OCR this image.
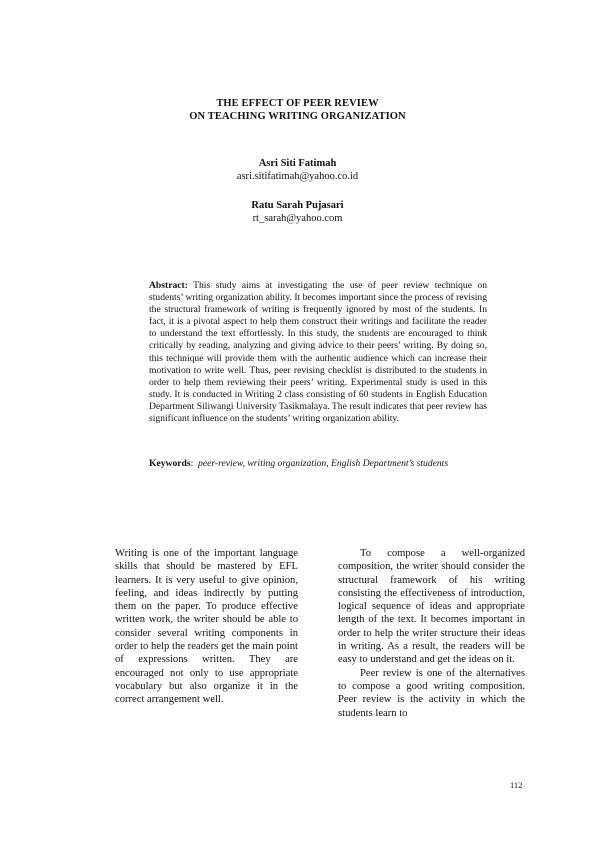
THE EFFECT OF PEER REVIEW
ON TEACHING WRITING ORGANIZATION
Asri Siti Fatimah
asri.sitifatimah@yahoo.co.id
Ratu Sarah Pujasari
rt_sarah@yahoo.com
Abstract: This study aims at investigating the use of peer review technique on students’ writing organization ability. It becomes important since the process of revising the structural framework of writing is frequently ignored by most of the students. In fact, it is a pivotal aspect to help them construct their writings and facilitate the reader to understand the text effortlessly. In this study, the students are encouraged to think critically by reading, analyzing and giving advice to their peers’ writing. By doing so, this technique will provide them with the authentic audience which can increase their motivation to write well. Thus, peer revising checklist is distributed to the students in order to help them reviewing their peers’ writing. Experimental study is used in this study. It is conducted in Writing 2 class consisting of 60 students in English Education Department Siliwangi University Tasikmalaya. The result indicates that peer review has significant influence on the students’ writing organization ability.
Keywords:  peer-review, writing organization, English Department’s students

Writing is one of the important language skills that should be mastered by EFL learners. It is very useful to give opinion, feeling, and ideas indirectly by putting them on the paper. To produce effective written work, the writer should be able to consider several writing components in order to help the readers get the main point of expressions written. They are encouraged not only to use appropriate vocabulary but also organize it in the correct arrangement well.

To compose a well-organized composition, the writer should consider the structural framework of his writing consisting the effectiveness of introduction, logical sequence of ideas and appropriate length of the text. It becomes important in order to help the writer structure their ideas in writing. As a result, the readers will be easy to understand and get the ideas on it.

Peer review is one of the alternatives to compose a good writing composition. Peer review is the activity in which the students learn to

112
